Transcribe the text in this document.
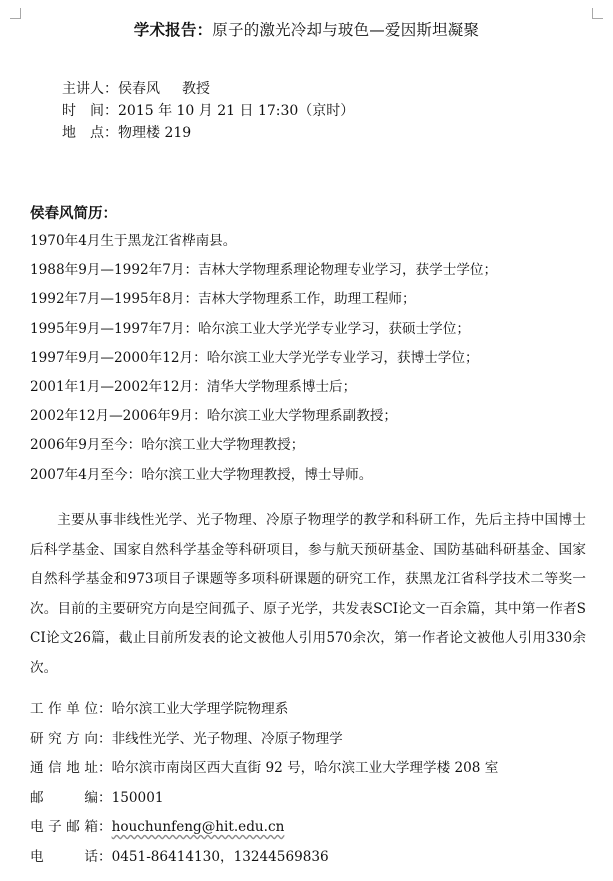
学术报告：原子的激光冷却与玻色—爱因斯坦凝聚
主讲人：侯春风 教授
时　间：2015 年 10 月 21 日 17:30（京时）
地　点：物理楼 219
侯春风简历：
1970年4月生于黑龙江省桦南县。
1988年9月—1992年7月：吉林大学物理系理论物理专业学习，获学士学位；
1992年7月—1995年8月：吉林大学物理系工作，助理工程师；
1995年9月—1997年7月：哈尔滨工业大学光学专业学习，获硕士学位；
1997年9月—2000年12月：哈尔滨工业大学光学专业学习，获博士学位；
2001年1月—2002年12月：清华大学物理系博士后；
2002年12月—2006年9月：哈尔滨工业大学物理系副教授；
2006年9月至今：哈尔滨工业大学物理教授；
2007年4月至今：哈尔滨工业大学物理教授，博士导师。
主要从事非线性光学、光子物理、冷原子物理学的教学和科研工作，先后主持中国博士后科学基金、国家自然科学基金等科研项目，参与航天预研基金、国防基础科研基金、国家自然科学基金和973项目子课题等多项科研课题的研究工作，获黑龙江省科学技术二等奖一次。目前的主要研究方向是空间孤子、原子光学，共发表SCI论文一百余篇，其中第一作者SCI论文26篇，截止目前所发表的论文被他人引用570余次，第一作者论文被他人引用330余次。
工作单位：哈尔滨工业大学理学院物理系
研究方向：非线性光学、光子物理、冷原子物理学
通信地址：哈尔滨市南岗区西大直街 92 号，哈尔滨工业大学理学楼 208 室
邮编：150001
电子邮箱：houchunfeng@hit.edu.cn
电话：0451-86414130，13244569836
